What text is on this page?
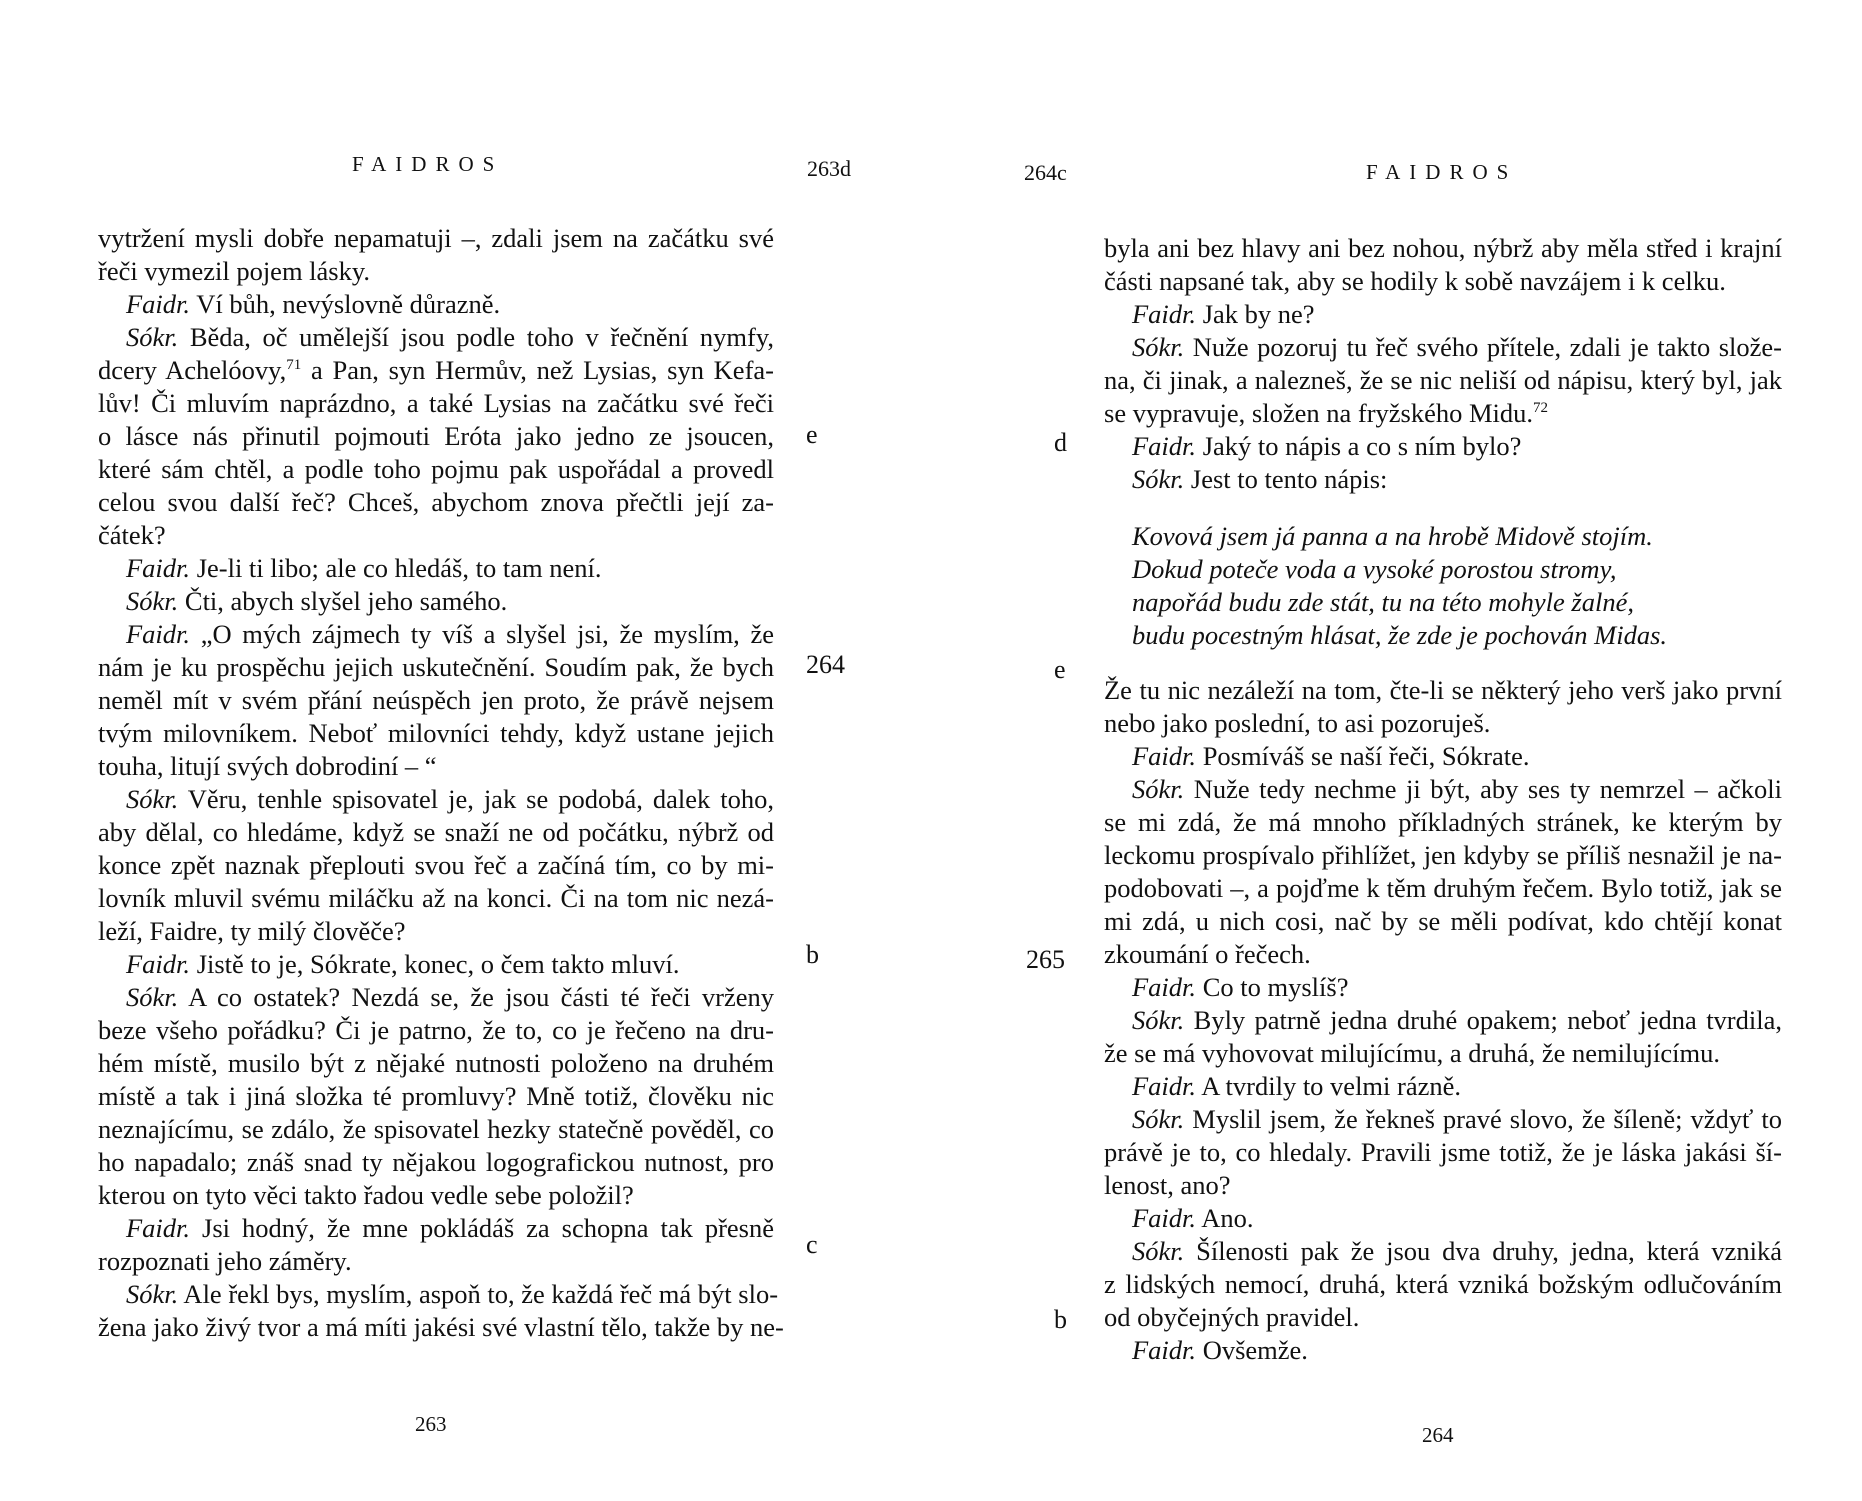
FAIDROS	263d
vytržení mysli dobře nepamatuji –, zdali jsem na začátku své
řeči vymezil pojem lásky.
Faidr. Ví bůh, nevýslovně důrazně.
Sókr. Běda, oč umělejší jsou podle toho v řečnění nymfy,
dcery Achelóovy,$^{71}$ a Pan, syn Hermův, než Lysias, syn Kefa-
lův! Či mluvím naprázdno, a také Lysias na začátku své řeči
o lásce nás přinutil pojmouti Eróta jako jedno ze jsoucen,
které sám chtěl, a podle toho pojmu pak uspořádal a provedl
celou svou další řeč? Chceš, abychom znova přečtli její za-
čátek?
Faidr. Je-li ti libo; ale co hledáš, to tam není.
Sókr. Čti, abych slyšel jeho samého.
Faidr. „O mých zájmech ty víš a slyšel jsi, že myslím, že
nám je ku prospěchu jejich uskutečnění. Soudím pak, že bych
neměl mít v svém přání neúspěch jen proto, že právě nejsem
tvým milovníkem. Neboť milovníci tehdy, když ustane jejich
touha, litují svých dobrodiní – “
Sókr. Věru, tenhle spisovatel je, jak se podobá, dalek toho,
aby dělal, co hledáme, když se snaží ne od počátku, nýbrž od
konce zpět naznak přeplouti svou řeč a začíná tím, co by mi-
lovník mluvil svému miláčku až na konci. Či na tom nic nezá-
leží, Faidre, ty milý člověče?
Faidr. Jistě to je, Sókrate, konec, o čem takto mluví.
Sókr. A co ostatek? Nezdá se, že jsou části té řeči vrženy
beze všeho pořádku? Či je patrno, že to, co je řečeno na dru-
hém místě, musilo být z nějaké nutnosti položeno na druhém
místě a tak i jiná složka té promluvy? Mně totiž, člověku nic
neznajícímu, se zdálo, že spisovatel hezky statečně pověděl, co
ho napadalo; znáš snad ty nějakou logografickou nutnost, pro
kterou on tyto věci takto řadou vedle sebe položil?
Faidr. Jsi hodný, že mne pokládáš za schopna tak přesně
rozpoznati jeho záměry.
Sókr. Ale řekl bys, myslím, aspoň to, že každá řeč má být slo-
žena jako živý tvor a má míti jakési své vlastní tělo, takže by ne-
e
264
b
c
263
264c	FAIDROS
byla ani bez hlavy ani bez nohou, nýbrž aby měla střed i krajní
části napsané tak, aby se hodily k sobě navzájem i k celku.
Faidr. Jak by ne?
Sókr. Nuže pozoruj tu řeč svého přítele, zdali je takto slože-
na, či jinak, a nalezneš, že se nic neliší od nápisu, který byl, jak
se vypravuje, složen na fryžského Midu.$^{72}$
Faidr. Jaký to nápis a co s ním bylo?
Sókr. Jest to tento nápis:
Kovová jsem já panna a na hrobě Midově stojím.
Dokud poteče voda a vysoké porostou stromy,
napořád budu zde stát, tu na této mohyle žalné,
budu pocestným hlásat, že zde je pochován Midas.
Že tu nic nezáleží na tom, čte-li se některý jeho verš jako první
nebo jako poslední, to asi pozoruješ.
Faidr. Posmíváš se naší řeči, Sókrate.
Sókr. Nuže tedy nechme ji být, aby ses ty nemrzel – ačkoli
se mi zdá, že má mnoho příkladných stránek, ke kterým by
leckomu prospívalo přihlížet, jen kdyby se příliš nesnažil je na-
podobovati –, a pojďme k těm druhým řečem. Bylo totiž, jak se
mi zdá, u nich cosi, nač by se měli podívat, kdo chtějí konat
zkoumání o řečech.
Faidr. Co to myslíš?
Sókr. Byly patrně jedna druhé opakem; neboť jedna tvrdila,
že se má vyhovovat milujícímu, a druhá, že nemilujícímu.
Faidr. A tvrdily to velmi rázně.
Sókr. Myslil jsem, že řekneš pravé slovo, že šíleně; vždyť to
právě je to, co hledaly. Pravili jsme totiž, že je láska jakási ší-
lenost, ano?
Faidr. Ano.
Sókr. Šílenosti pak že jsou dva druhy, jedna, která vzniká
z lidských nemocí, druhá, která vzniká božským odlučováním
od obyčejných pravidel.
Faidr. Ovšemže.
d
e
265
b
264
